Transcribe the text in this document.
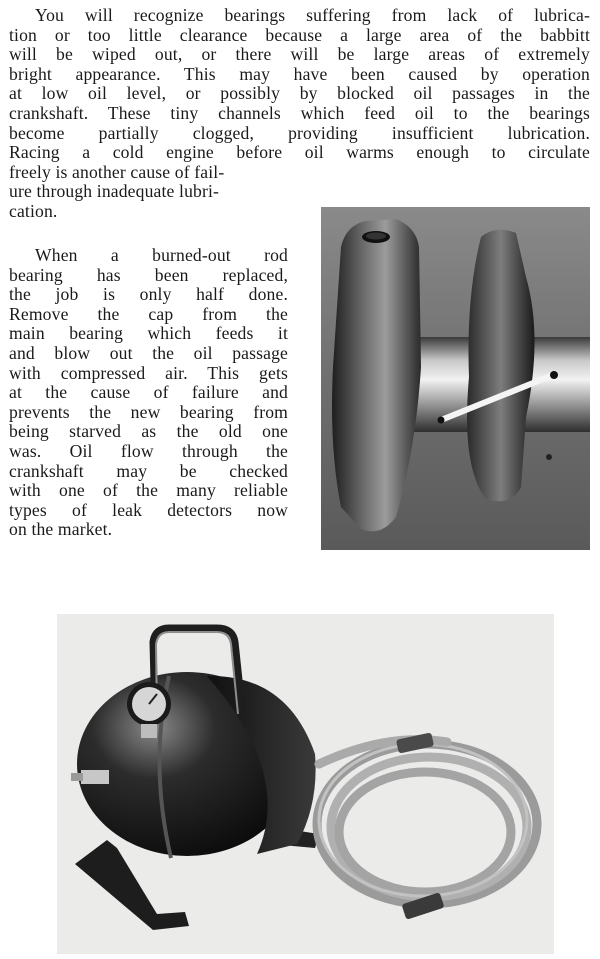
You will recognize bearings suffering from lack of lubrica-
tion or too little clearance because a large area of the babbitt
will be wiped out, or there will be large areas of extremely
bright appearance. This may have been caused by operation
at low oil level, or possibly by blocked oil passages in the
crankshaft. These tiny channels which feed oil to the bearings
become partially clogged, providing insufficient lubrication.
Racing a cold engine before oil warms enough to circulate
freely is another cause of fail-
ure through inadequate lubri-
cation.
When a burned-out rod
bearing has been replaced,
the job is only half done.
Remove the cap from the
main bearing which feeds it
and blow out the oil passage
with compressed air. This gets
at the cause of failure and
prevents the new bearing from
being starved as the old one
was. Oil flow through the
crankshaft may be checked
with one of the many reliable
types of leak detectors now
on the market.
